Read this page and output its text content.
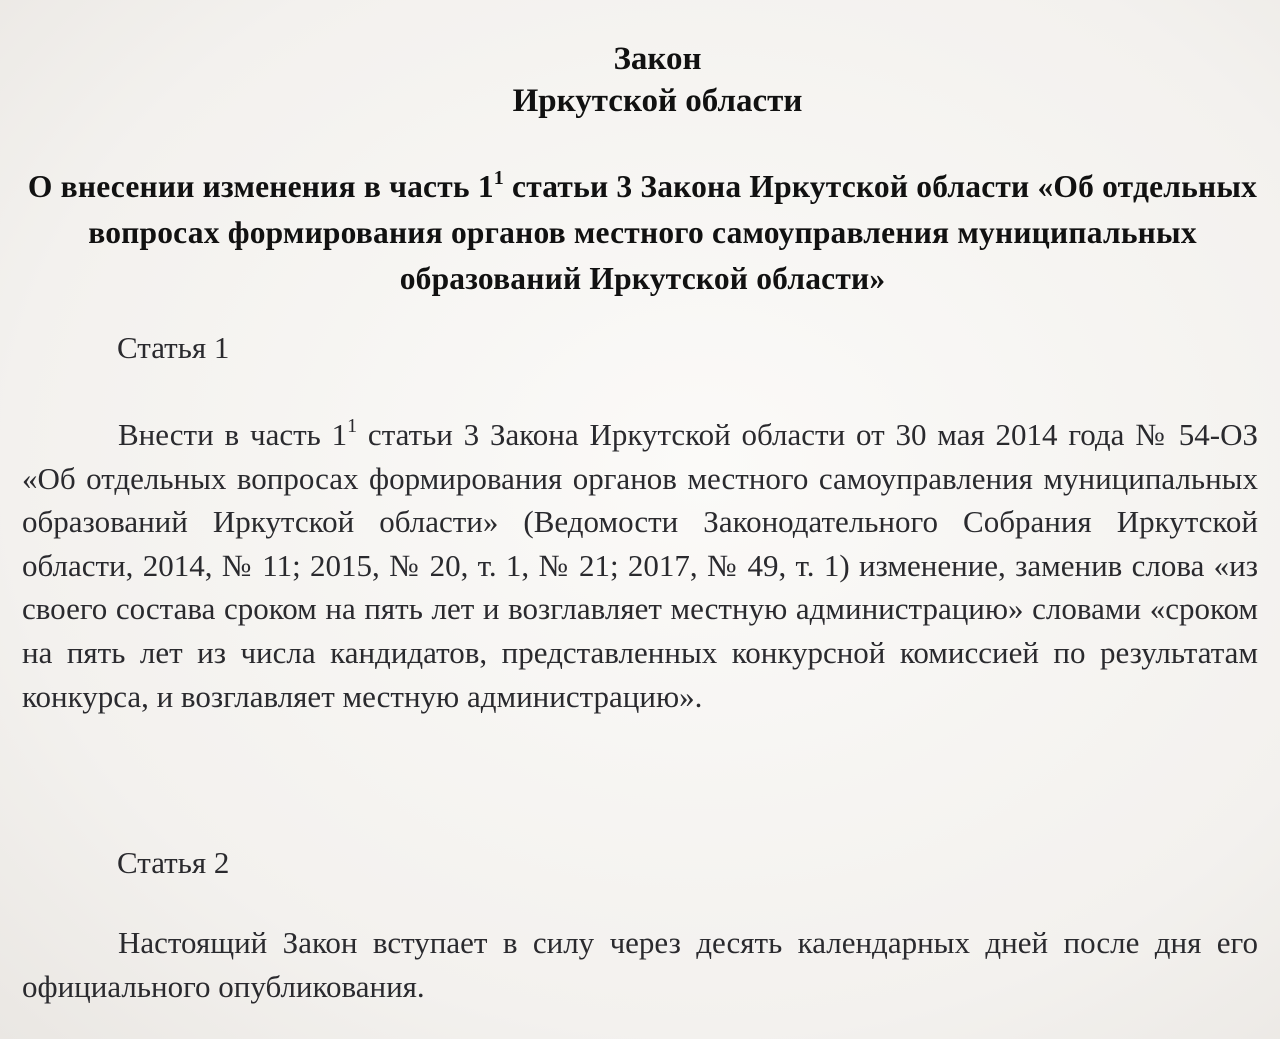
Закон
Иркутской области
О внесении изменения в часть $1^1$ статьи 3 Закона Иркутской области «Об отдельных вопросах формирования органов местного самоуправления муниципальных образований Иркутской области»
Статья 1
Внести в часть $1^1$ статьи 3 Закона Иркутской области от 30 мая 2014 года № 54-ОЗ «Об отдельных вопросах формирования органов местного самоуправления муниципальных образований Иркутской области» (Ведомости Законодательного Собрания Иркутской области, 2014, № 11; 2015, № 20, т. 1, № 21; 2017, № 49, т. 1) изменение, заменив слова «из своего состава сроком на пять лет и возглавляет местную администрацию» словами «сроком на пять лет из числа кандидатов, представленных конкурсной комиссией по результатам конкурса, и возглавляет местную администрацию».
Статья 2
Настоящий Закон вступает в силу через десять календарных дней после дня его официального опубликования.
